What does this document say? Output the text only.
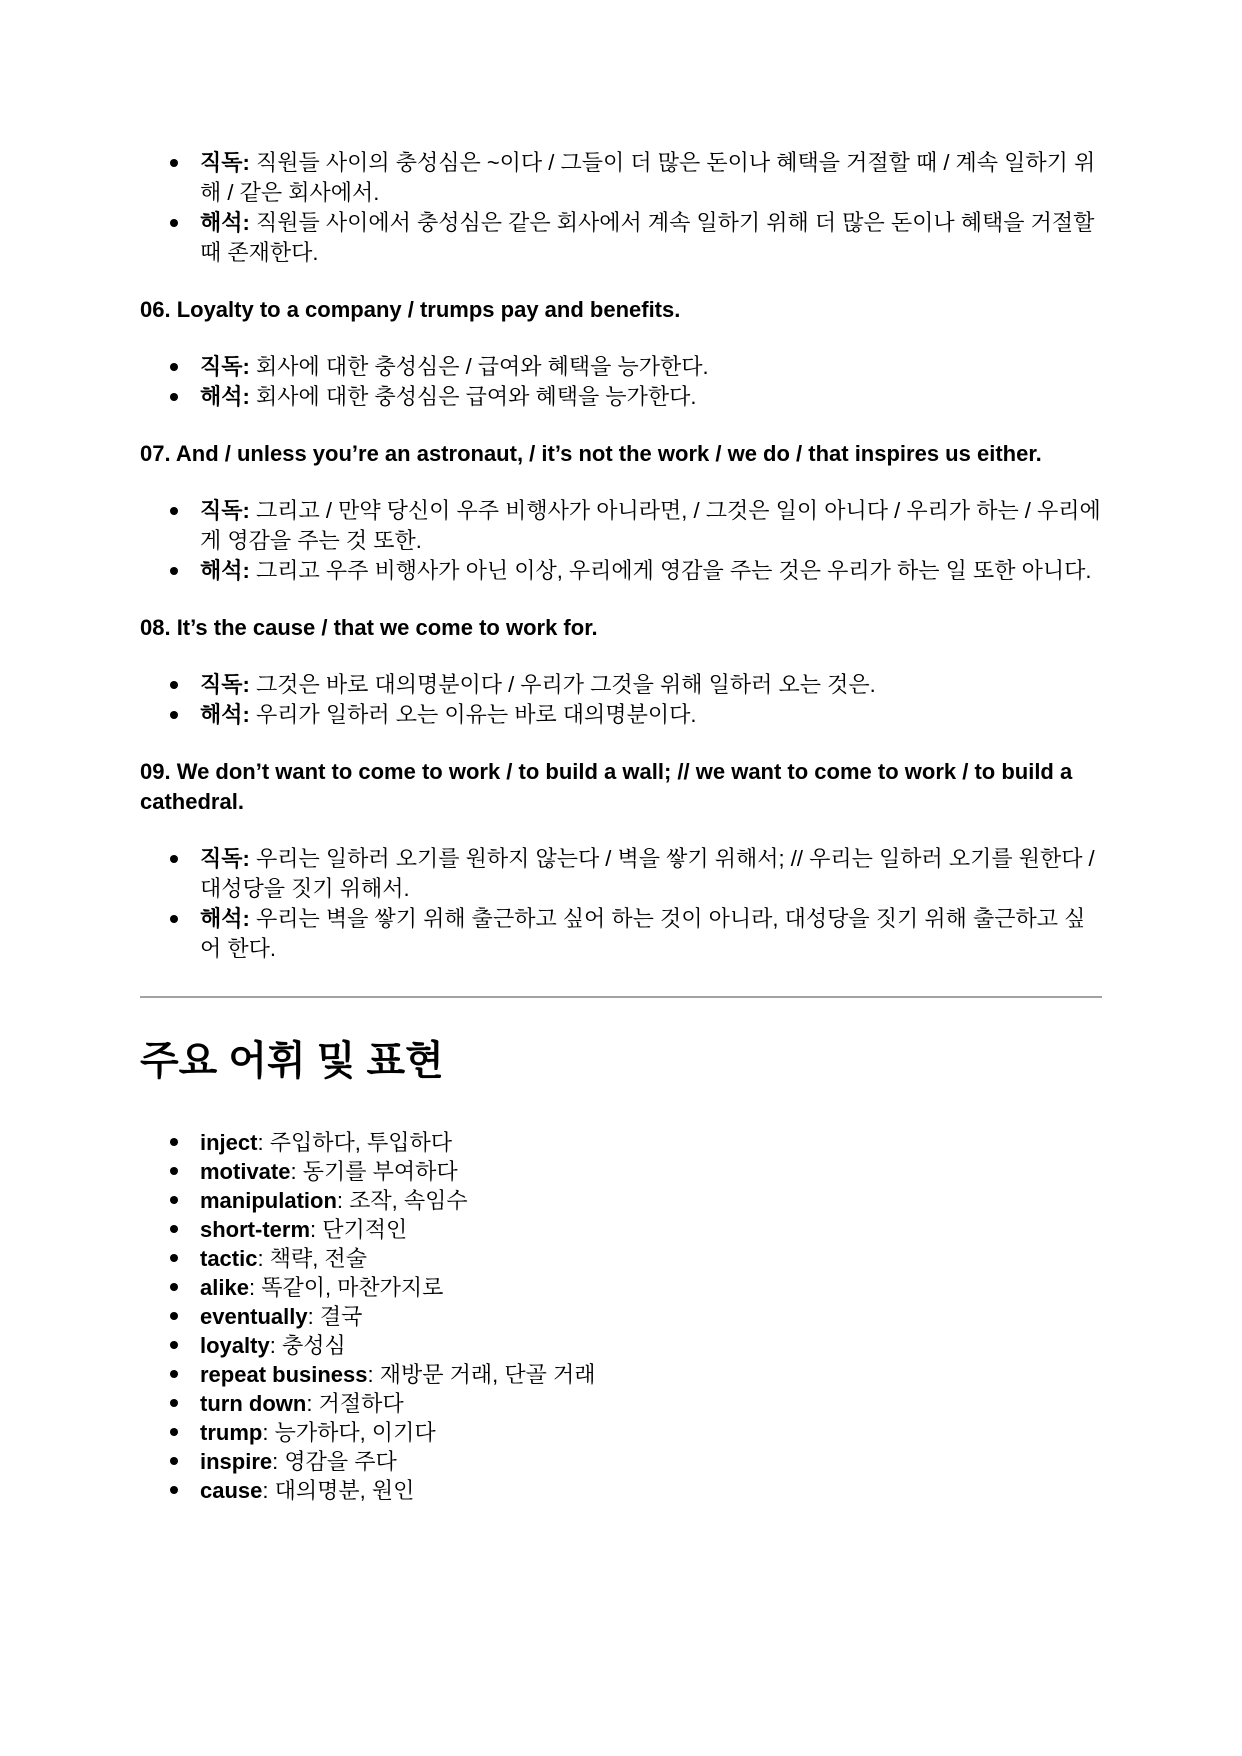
직독: 직원들 사이의 충성심은 ~이다 / 그들이 더 많은 돈이나 혜택을 거절할 때 / 계속 일하기 위해 / 같은 회사에서.
해석: 직원들 사이에서 충성심은 같은 회사에서 계속 일하기 위해 더 많은 돈이나 혜택을 거절할 때 존재한다.
06. Loyalty to a company / trumps pay and benefits.
직독: 회사에 대한 충성심은 / 급여와 혜택을 능가한다.
해석: 회사에 대한 충성심은 급여와 혜택을 능가한다.
07. And / unless you’re an astronaut, / it’s not the work / we do / that inspires us either.
직독: 그리고 / 만약 당신이 우주 비행사가 아니라면, / 그것은 일이 아니다 / 우리가 하는 / 우리에게 영감을 주는 것 또한.
해석: 그리고 우주 비행사가 아닌 이상, 우리에게 영감을 주는 것은 우리가 하는 일 또한 아니다.
08. It’s the cause / that we come to work for.
직독: 그것은 바로 대의명분이다 / 우리가 그것을 위해 일하러 오는 것은.
해석: 우리가 일하러 오는 이유는 바로 대의명분이다.
09. We don’t want to come to work / to build a wall; // we want to come to work / to build a cathedral.
직독: 우리는 일하러 오기를 원하지 않는다 / 벽을 쌓기 위해서; // 우리는 일하러 오기를 원한다 / 대성당을 짓기 위해서.
해석: 우리는 벽을 쌓기 위해 출근하고 싶어 하는 것이 아니라, 대성당을 짓기 위해 출근하고 싶어 한다.
주요 어휘 및 표현
inject: 주입하다, 투입하다
motivate: 동기를 부여하다
manipulation: 조작, 속임수
short-term: 단기적인
tactic: 책략, 전술
alike: 똑같이, 마찬가지로
eventually: 결국
loyalty: 충성심
repeat business: 재방문 거래, 단골 거래
turn down: 거절하다
trump: 능가하다, 이기다
inspire: 영감을 주다
cause: 대의명분, 원인
